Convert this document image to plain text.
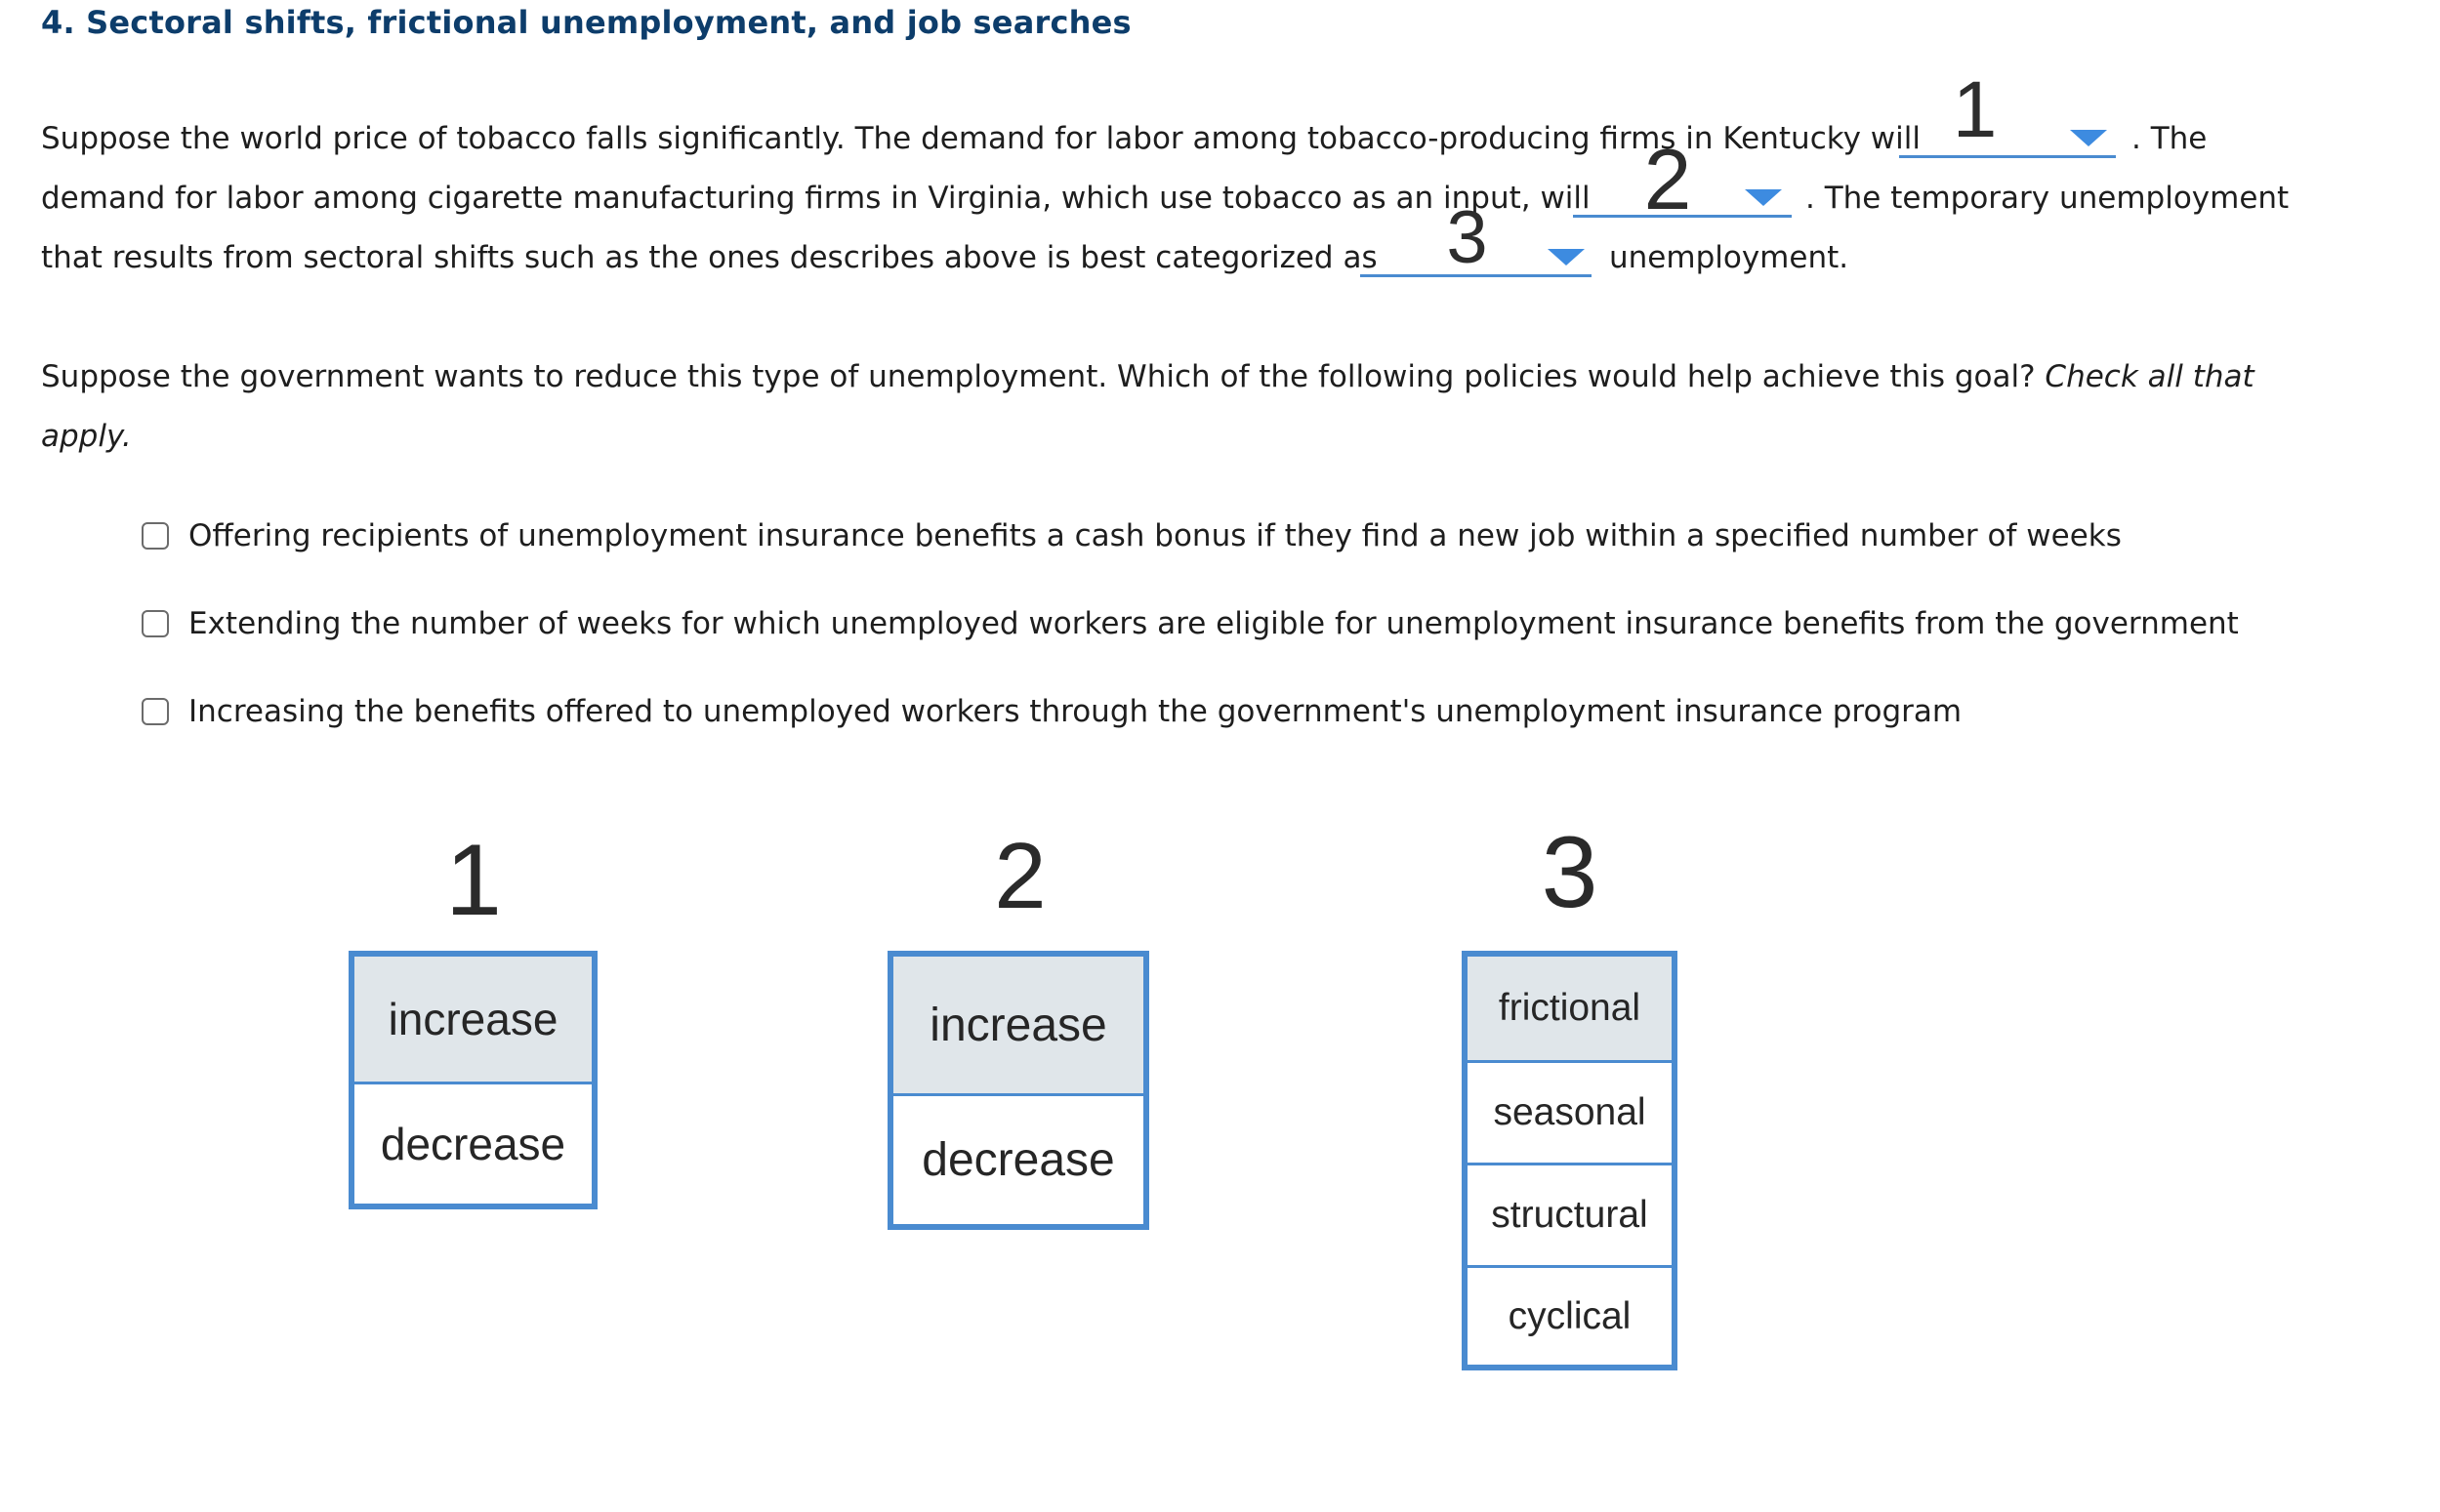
4. Sectoral shifts, frictional unemployment, and job searches
Suppose the world price of tobacco falls significantly. The demand for labor among tobacco-producing firms in Kentucky will	. The
demand for labor among cigarette manufacturing firms in Virginia, which use tobacco as an input, will	. The temporary unemployment
that results from sectoral shifts such as the ones describes above is best categorized as	unemployment.
1
2
3
Suppose the government wants to reduce this type of unemployment. Which of the following policies would help achieve this goal? Check all that
apply.
Offering recipients of unemployment insurance benefits a cash bonus if they find a new job within a specified number of weeks
Extending the number of weeks for which unemployed workers are eligible for unemployment insurance benefits from the government
Increasing the benefits offered to unemployed workers through the government's unemployment insurance program
1
increase
decrease
2
increase
decrease
3
frictional
seasonal
structural
cyclical
